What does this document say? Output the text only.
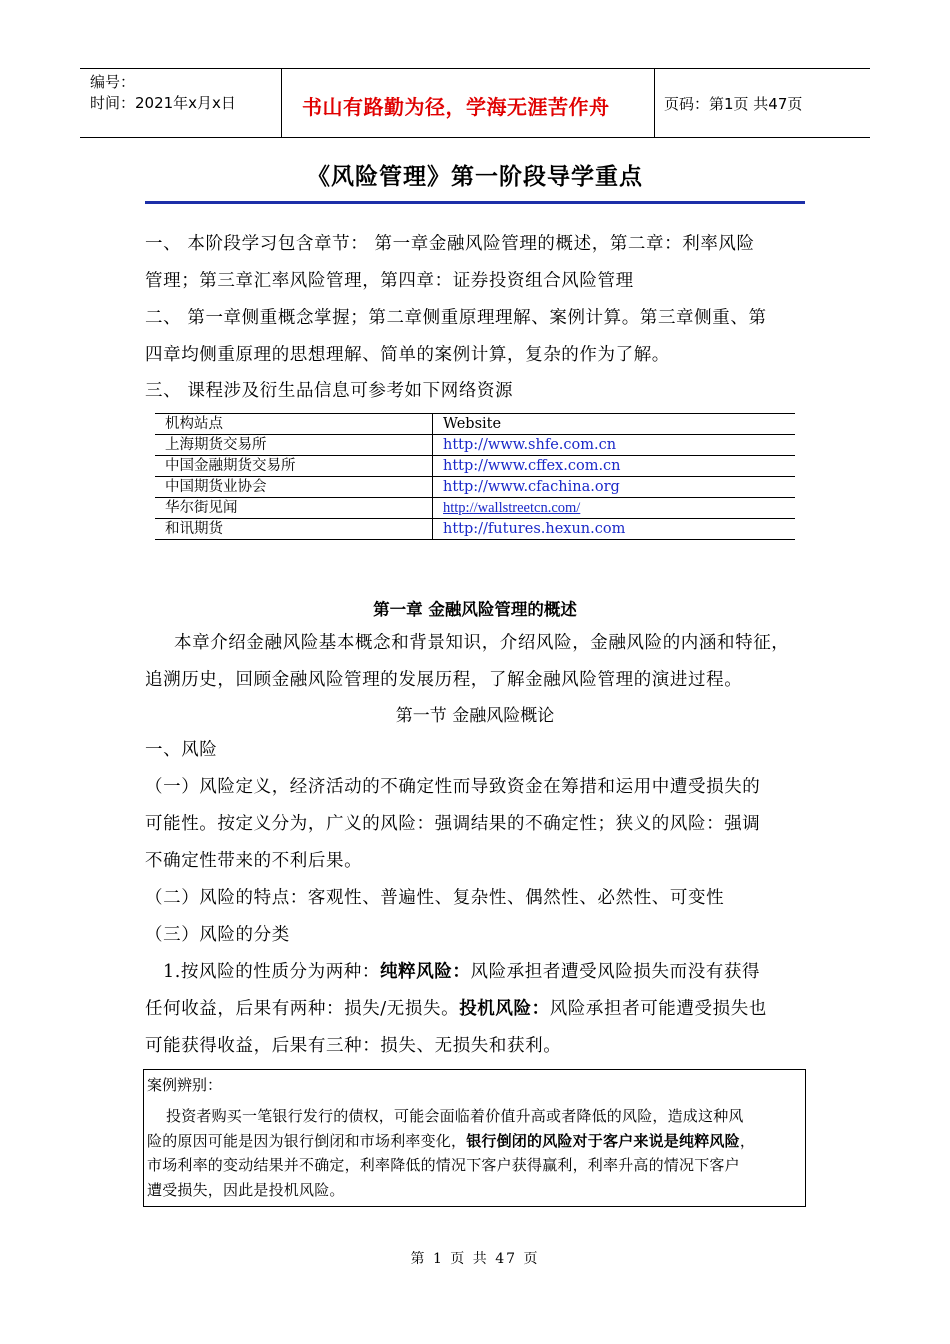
编号：
时间：2021年x月x日	书山有路勤为径，学海无涯苦作舟	页码：第1页 共47页
《风险管理》第一阶段导学重点
一、 本阶段学习包含章节： 第一章金融风险管理的概述，第二章：利率风险
管理；第三章汇率风险管理，第四章：证券投资组合风险管理
二、 第一章侧重概念掌握；第二章侧重原理理解、案例计算。第三章侧重、第
四章均侧重原理的思想理解、简单的案例计算，复杂的作为了解。
三、 课程涉及衍生品信息可参考如下网络资源
机构站点	Website
上海期货交易所	http://www.shfe.com.cn
中国金融期货交易所	http://www.cffex.com.cn
中国期货业协会	http://www.cfachina.org
华尔街见闻	http://wallstreetcn.com/
和讯期货	http://futures.hexun.com
第一章 金融风险管理的概述
本章介绍金融风险基本概念和背景知识，介绍风险，金融风险的内涵和特征，
追溯历史，回顾金融风险管理的发展历程，了解金融风险管理的演进过程。
第一节 金融风险概论
一、风险
（一）风险定义，经济活动的不确定性而导致资金在筹措和运用中遭受损失的
可能性。按定义分为，广义的风险：强调结果的不确定性；狭义的风险：强调
不确定性带来的不利后果。
（二）风险的特点：客观性、普遍性、复杂性、偶然性、必然性、可变性
（三）风险的分类
1.按风险的性质分为两种：纯粹风险：风险承担者遭受风险损失而没有获得
任何收益，后果有两种：损失/无损失。投机风险：风险承担者可能遭受损失也
可能获得收益，后果有三种：损失、无损失和获利。
案例辨别：
投资者购买一笔银行发行的债权，可能会面临着价值升高或者降低的风险，造成这种风
险的原因可能是因为银行倒闭和市场利率变化，银行倒闭的风险对于客户来说是纯粹风险，
市场利率的变动结果并不确定，利率降低的情况下客户获得赢利，利率升高的情况下客户
遭受损失，因此是投机风险。
第 1 页 共 47 页
